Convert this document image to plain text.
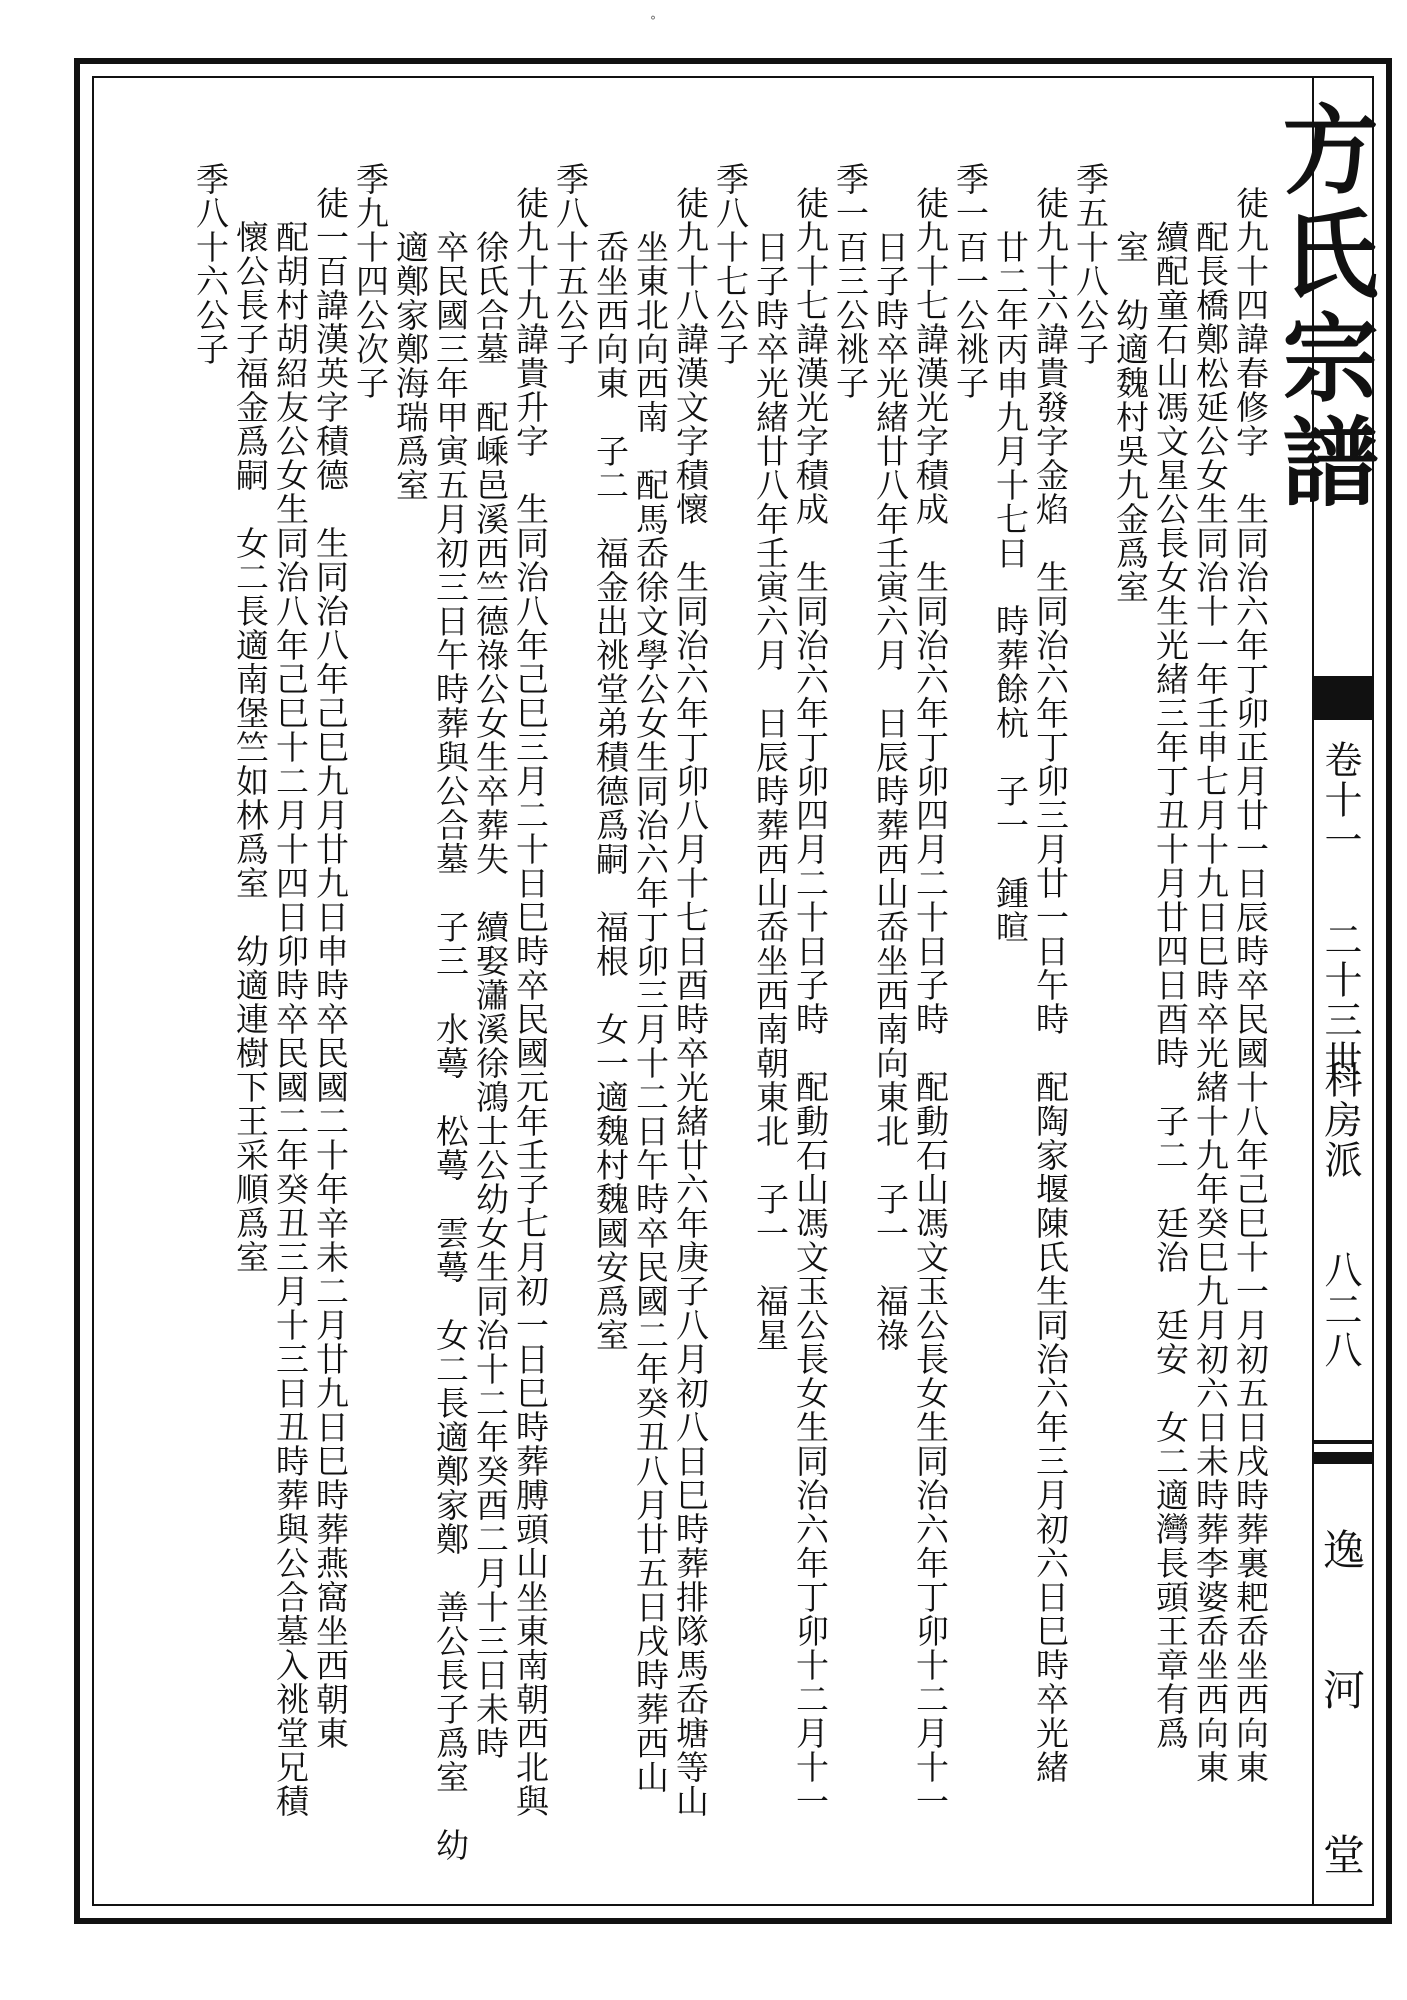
°
方氏宗譜
卷十一
二十三世
科房派
八二八
逸
河
堂
徒九十四諱春修字　生同治六年丁卯正月廿一日辰時卒民國十八年己巳十一月初五日戌時葬裏耙岙坐西向東
　配長橋鄭松延公女生同治十一年壬申七月十九日巳時卒光緒十九年癸巳九月初六日未時葬李婆岙坐西向東
　續配童石山馮文星公長女生光緒三年丁丑十月廿四日酉時　子二　廷治　廷安　女二適灣長頭王章有爲
室　幼適魏村吳九金爲室
季五十八公子
徒九十六諱貴發字金焰　生同治六年丁卯三月廿一日午時　配陶家堰陳氏生同治六年三月初六日巳時卒光緒
廿二年丙申九月十七日　時葬餘杭　子一　鍾暄
季一百一公祧子
徒九十七諱漢光字積成　生同治六年丁卯四月二十日子時　配動石山馮文玉公長女生同治六年丁卯十二月十一
日子時卒光緒廿八年壬寅六月　日辰時葬西山岙坐西南向東北　子一　福祿
季一百三公祧子
徒九十七諱漢光字積成　生同治六年丁卯四月二十日子時　配動石山馮文玉公長女生同治六年丁卯十二月十一
日子時卒光緒廿八年壬寅六月　日辰時葬西山岙坐西南朝東北　子一　福星
季八十七公子
徒九十八諱漢文字積懷　生同治六年丁卯八月十七日酉時卒光緒廿六年庚子八月初八日巳時葬排隊馬岙塘等山
坐東北向西南　配馬岙徐文學公女生同治六年丁卯三月十二日午時卒民國二年癸丑八月廿五日戌時葬西山
岙坐西向東　子二　福金出祧堂弟積德爲嗣　福根　女一適魏村魏國安爲室
季八十五公子
徒九十九諱貴升字　生同治八年己巳三月二十日巳時卒民國元年壬子七月初一日巳時葬膊頭山坐東南朝西北與
徐氏合墓　配嵊邑溪西竺德祿公女生卒葬失　續娶瀟溪徐鴻士公幼女生同治十二年癸酉二月十三日未時
卒民國三年甲寅五月初三日午時葬與公合墓　子三　水蕚　松蕚　雲蕚　女二長適鄭家鄭　善公長子爲室　幼
適鄭家鄭海瑞爲室
季九十四公次子
徒一百諱漢英字積德　生同治八年己巳九月廿九日申時卒民國二十年辛未二月廿九日巳時葬燕窩坐西朝東
　配胡村胡紹友公女生同治八年己巳十二月十四日卯時卒民國二年癸丑三月十三日丑時葬與公合墓入祧堂兄積
　懷公長子福金爲嗣　女二長適南堡竺如林爲室　幼適連樹下王采順爲室
季八十六公子
